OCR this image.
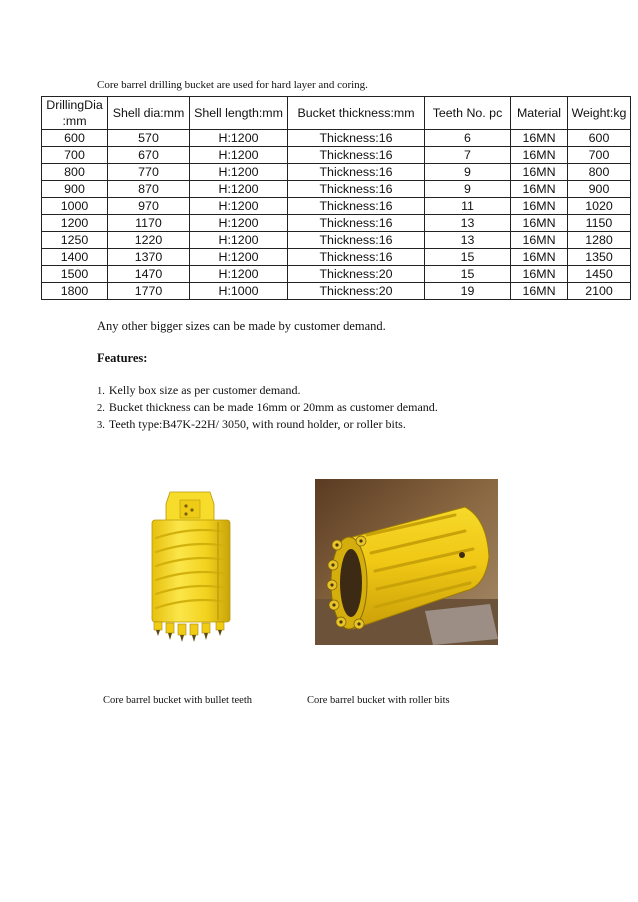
Core barrel drilling bucket are used for hard layer and coring.
DrillingDia
:mm	Shell dia:mm	Shell length:mm	Bucket thickness:mm	Teeth No. pc	Material	Weight:kg
600	570	H:1200	Thickness:16	6	16MN	600
700	670	H:1200	Thickness:16	7	16MN	700
800	770	H:1200	Thickness:16	9	16MN	800
900	870	H:1200	Thickness:16	9	16MN	900
1000	970	H:1200	Thickness:16	11	16MN	1020
1200	1170	H:1200	Thickness:16	13	16MN	1150
1250	1220	H:1200	Thickness:16	13	16MN	1280
1400	1370	H:1200	Thickness:16	15	16MN	1350
1500	1470	H:1200	Thickness:20	15	16MN	1450
1800	1770	H:1000	Thickness:20	19	16MN	2100
Any other bigger sizes can be made by customer demand.
Features:
1. Kelly box size as per customer demand.
2. Bucket thickness can be made 16mm or 20mm as customer demand.
3. Teeth type:B47K-22H/ 3050, with round holder, or roller bits.
Core barrel bucket with bullet teeth	Core barrel bucket with roller bits
